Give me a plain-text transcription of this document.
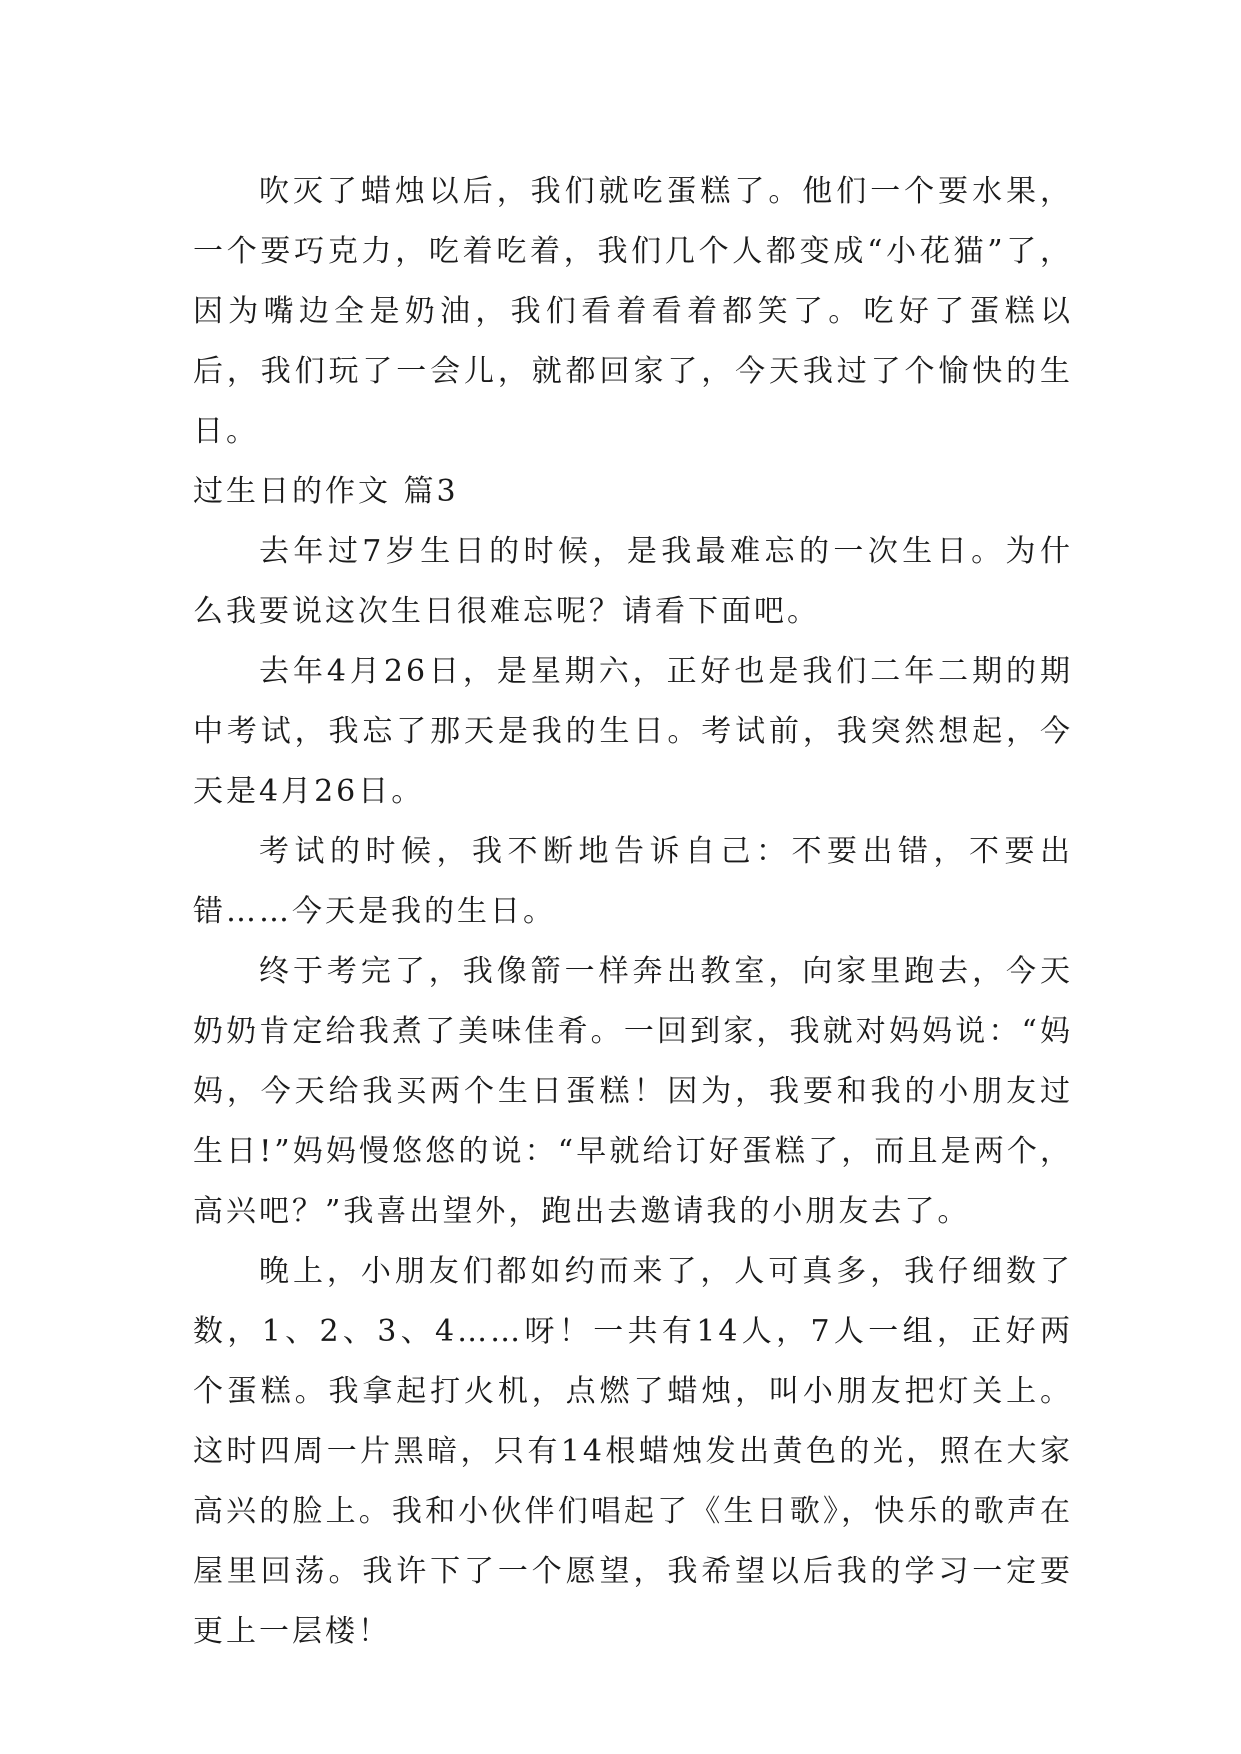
吹灭了蜡烛以后，我们就吃蛋糕了。他们一个要水果，一个要巧克力，吃着吃着，我们几个人都变成“小花猫”了，因为嘴边全是奶油，我们看着看着都笑了。吃好了蛋糕以后，我们玩了一会儿，就都回家了，今天我过了个愉快的生日。

过生日的作文 篇3

去年过7岁生日的时候，是我最难忘的一次生日。为什么我要说这次生日很难忘呢？请看下面吧。

去年4月26日，是星期六，正好也是我们二年二期的期中考试，我忘了那天是我的生日。考试前，我突然想起，今天是4月26日。

考试的时候，我不断地告诉自己：不要出错，不要出错……今天是我的生日。

终于考完了，我像箭一样奔出教室，向家里跑去，今天奶奶肯定给我煮了美味佳肴。一回到家，我就对妈妈说：“妈妈，今天给我买两个生日蛋糕！因为，我要和我的小朋友过生日!”妈妈慢悠悠的说：“早就给订好蛋糕了，而且是两个，高兴吧？”我喜出望外，跑出去邀请我的小朋友去了。

晚上，小朋友们都如约而来了，人可真多，我仔细数了数，1、2、3、4……呀！一共有14人，7人一组，正好两个蛋糕。我拿起打火机，点燃了蜡烛，叫小朋友把灯关上。这时四周一片黑暗，只有14根蜡烛发出黄色的光，照在大家高兴的脸上。我和小伙伴们唱起了《生日歌》，快乐的歌声在屋里回荡。我许下了一个愿望，我希望以后我的学习一定要更上一层楼！
